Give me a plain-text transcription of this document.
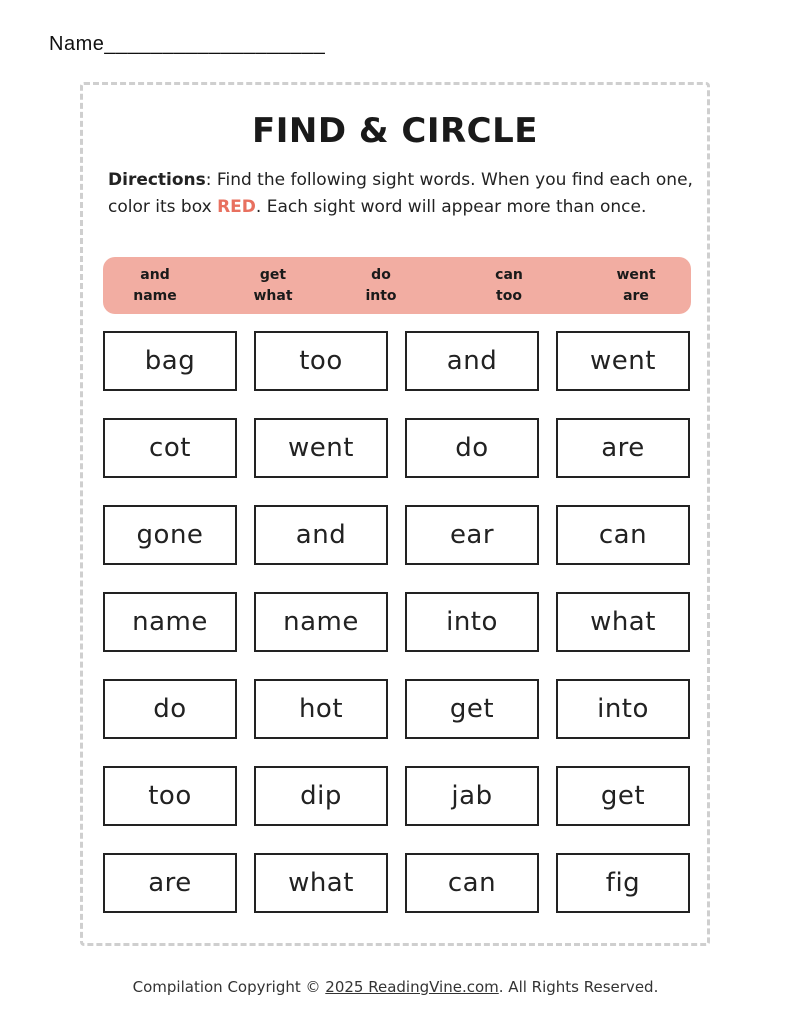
Name___________________
FIND & CIRCLE
Directions: Find the following sight words. When you find each one, color its box RED. Each sight word will appear more than once.
and
name
get
what
do
into
can
too
went
are
bag	too	and	went
cot	went	do	are
gone	and	ear	can
name	name	into	what
do	hot	get	into
too	dip	jab	get
are	what	can	fig
Compilation Copyright © 2025 ReadingVine.com. All Rights Reserved.
